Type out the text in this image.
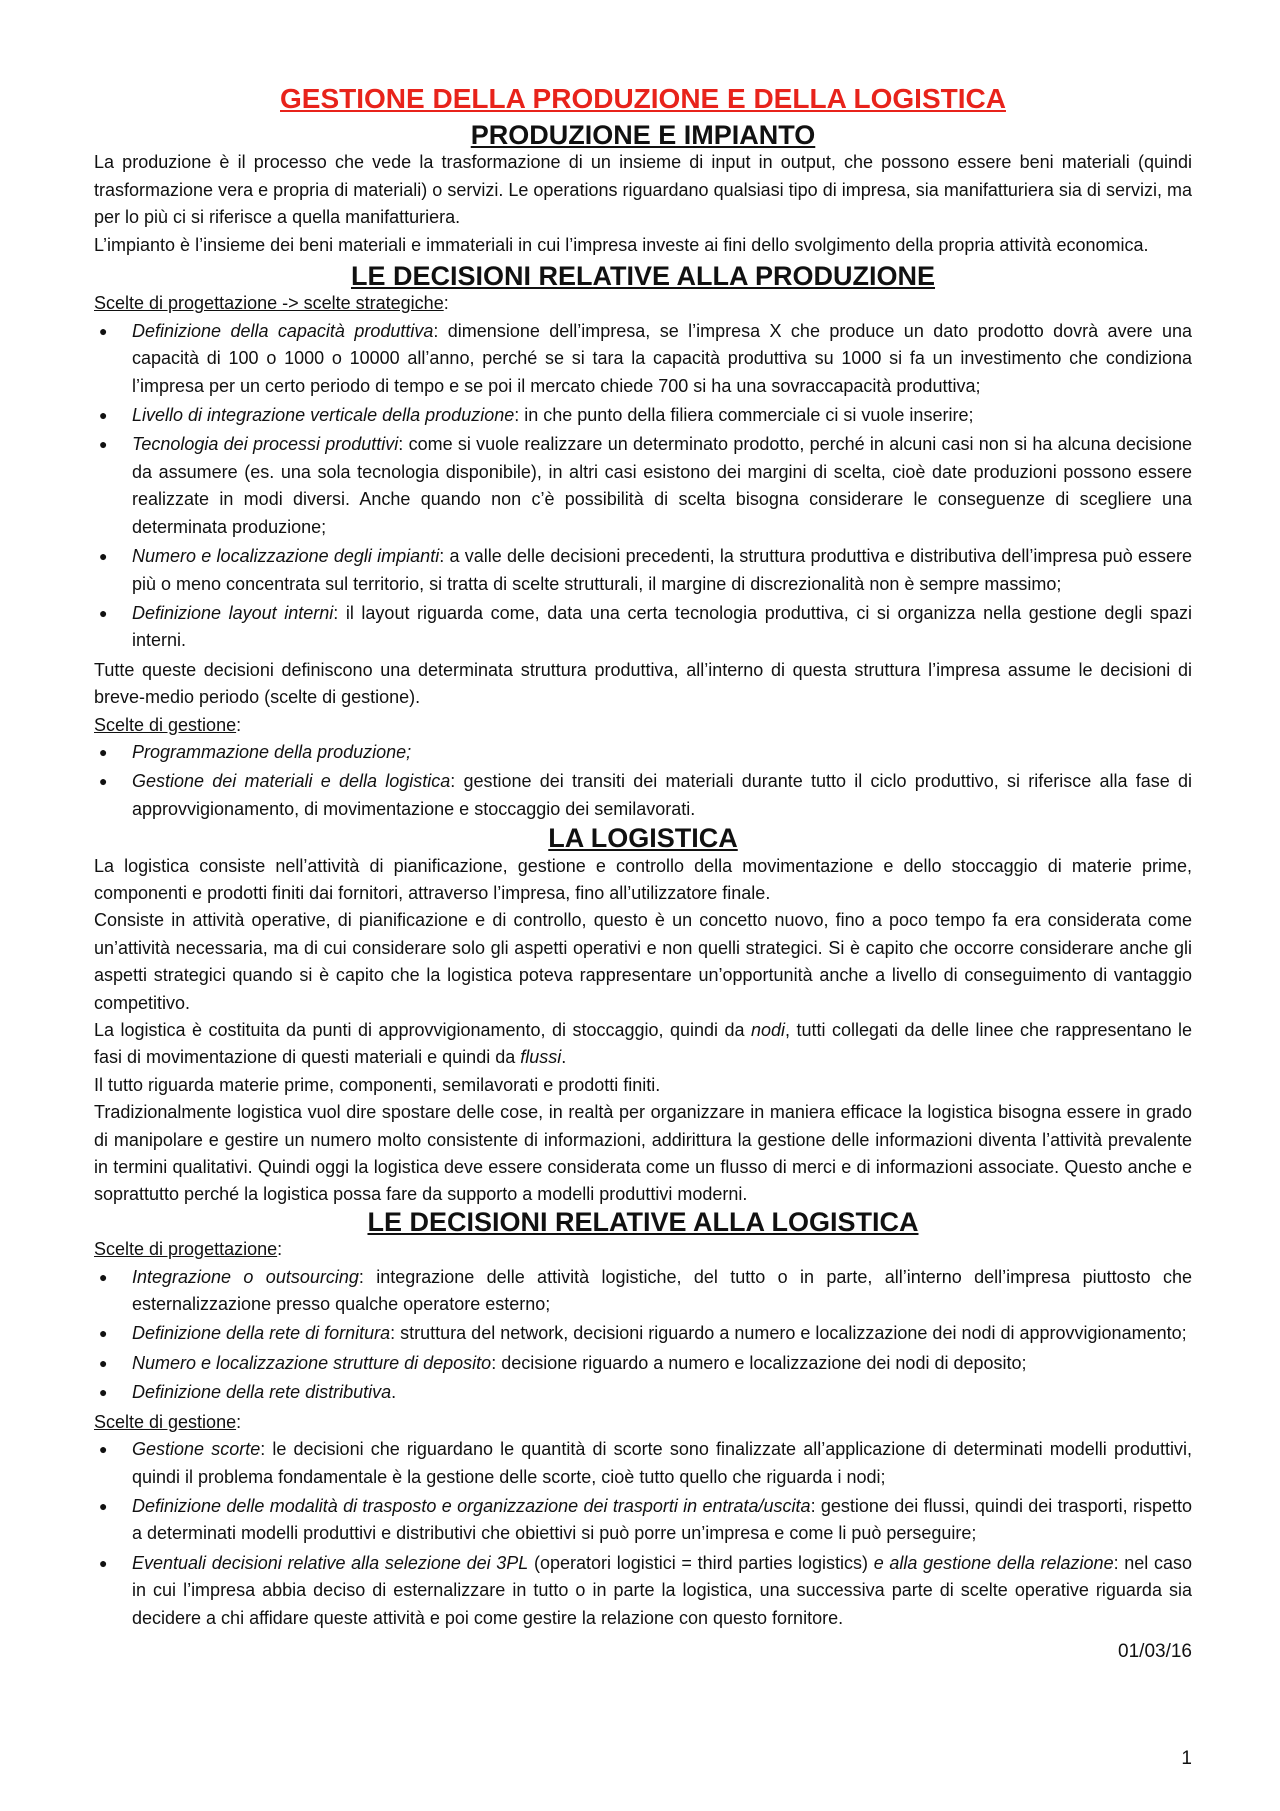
GESTIONE DELLA PRODUZIONE E DELLA LOGISTICA
PRODUZIONE E IMPIANTO

La produzione è il processo che vede la trasformazione di un insieme di input in output, che possono essere beni materiali (quindi trasformazione vera e propria di materiali) o servizi. Le operations riguardano qualsiasi tipo di impresa, sia manifatturiera sia di servizi, ma per lo più ci si riferisce a quella manifatturiera.

L’impianto è l’insieme dei beni materiali e immateriali in cui l’impresa investe ai fini dello svolgimento della propria attività economica.

LE DECISIONI RELATIVE ALLA PRODUZIONE
Scelte di progettazione -> scelte strategiche:
● Definizione della capacità produttiva: dimensione dell’impresa, se l’impresa X che produce un dato prodotto dovrà avere una capacità di 100 o 1000 o 10000 all’anno, perché se si tara la capacità produttiva su 1000 si fa un investimento che condiziona l’impresa per un certo periodo di tempo e se poi il mercato chiede 700 si ha una sovraccapacità produttiva;
● Livello di integrazione verticale della produzione: in che punto della filiera commerciale ci si vuole inserire;
● Tecnologia dei processi produttivi: come si vuole realizzare un determinato prodotto, perché in alcuni casi non si ha alcuna decisione da assumere (es. una sola tecnologia disponibile), in altri casi esistono dei margini di scelta, cioè date produzioni possono essere realizzate in modi diversi. Anche quando non c’è possibilità di scelta bisogna considerare le conseguenze di scegliere una determinata produzione;
● Numero e localizzazione degli impianti: a valle delle decisioni precedenti, la struttura produttiva e distributiva dell’impresa può essere più o meno concentrata sul territorio, si tratta di scelte strutturali, il margine di discrezionalità non è sempre massimo;
● Definizione layout interni: il layout riguarda come, data una certa tecnologia produttiva, ci si organizza nella gestione degli spazi interni.

Tutte queste decisioni definiscono una determinata struttura produttiva, all’interno di questa struttura l’impresa assume le decisioni di breve-medio periodo (scelte di gestione).

Scelte di gestione:
● Programmazione della produzione;
● Gestione dei materiali e della logistica: gestione dei transiti dei materiali durante tutto il ciclo produttivo, si riferisce alla fase di approvvigionamento, di movimentazione e stoccaggio dei semilavorati.
LA LOGISTICA

La logistica consiste nell’attività di pianificazione, gestione e controllo della movimentazione e dello stoccaggio di materie prime, componenti e prodotti finiti dai fornitori, attraverso l’impresa, fino all’utilizzatore finale.

Consiste in attività operative, di pianificazione e di controllo, questo è un concetto nuovo, fino a poco tempo fa era considerata come un’attività necessaria, ma di cui considerare solo gli aspetti operativi e non quelli strategici. Si è capito che occorre considerare anche gli aspetti strategici quando si è capito che la logistica poteva rappresentare un’opportunità anche a livello di conseguimento di vantaggio competitivo.

La logistica è costituita da punti di approvvigionamento, di stoccaggio, quindi da nodi, tutti collegati da delle linee che rappresentano le fasi di movimentazione di questi materiali e quindi da flussi.

Il tutto riguarda materie prime, componenti, semilavorati e prodotti finiti.

Tradizionalmente logistica vuol dire spostare delle cose, in realtà per organizzare in maniera efficace la logistica bisogna essere in grado di manipolare e gestire un numero molto consistente di informazioni, addirittura la gestione delle informazioni diventa l’attività prevalente in termini qualitativi. Quindi oggi la logistica deve essere considerata come un flusso di merci e di informazioni associate. Questo anche e soprattutto perché la logistica possa fare da supporto a modelli produttivi moderni.

LE DECISIONI RELATIVE ALLA LOGISTICA
Scelte di progettazione:
● Integrazione o outsourcing: integrazione delle attività logistiche, del tutto o in parte, all’interno dell’impresa piuttosto che esternalizzazione presso qualche operatore esterno;
● Definizione della rete di fornitura: struttura del network, decisioni riguardo a numero e localizzazione dei nodi di approvvigionamento;
● Numero e localizzazione strutture di deposito: decisione riguardo a numero e localizzazione dei nodi di deposito;
● Definizione della rete distributiva.
Scelte di gestione:
● Gestione scorte: le decisioni che riguardano le quantità di scorte sono finalizzate all’applicazione di determinati modelli produttivi, quindi il problema fondamentale è la gestione delle scorte, cioè tutto quello che riguarda i nodi;
● Definizione delle modalità di trasposto e organizzazione dei trasporti in entrata/uscita: gestione dei flussi, quindi dei trasporti, rispetto a determinati modelli produttivi e distributivi che obiettivi si può porre un’impresa e come li può perseguire;
● Eventuali decisioni relative alla selezione dei 3PL (operatori logistici = third parties logistics) e alla gestione della relazione: nel caso in cui l’impresa abbia deciso di esternalizzare in tutto o in parte la logistica, una successiva parte di scelte operative riguarda sia decidere a chi affidare queste attività e poi come gestire la relazione con questo fornitore.
01/03/16
1
